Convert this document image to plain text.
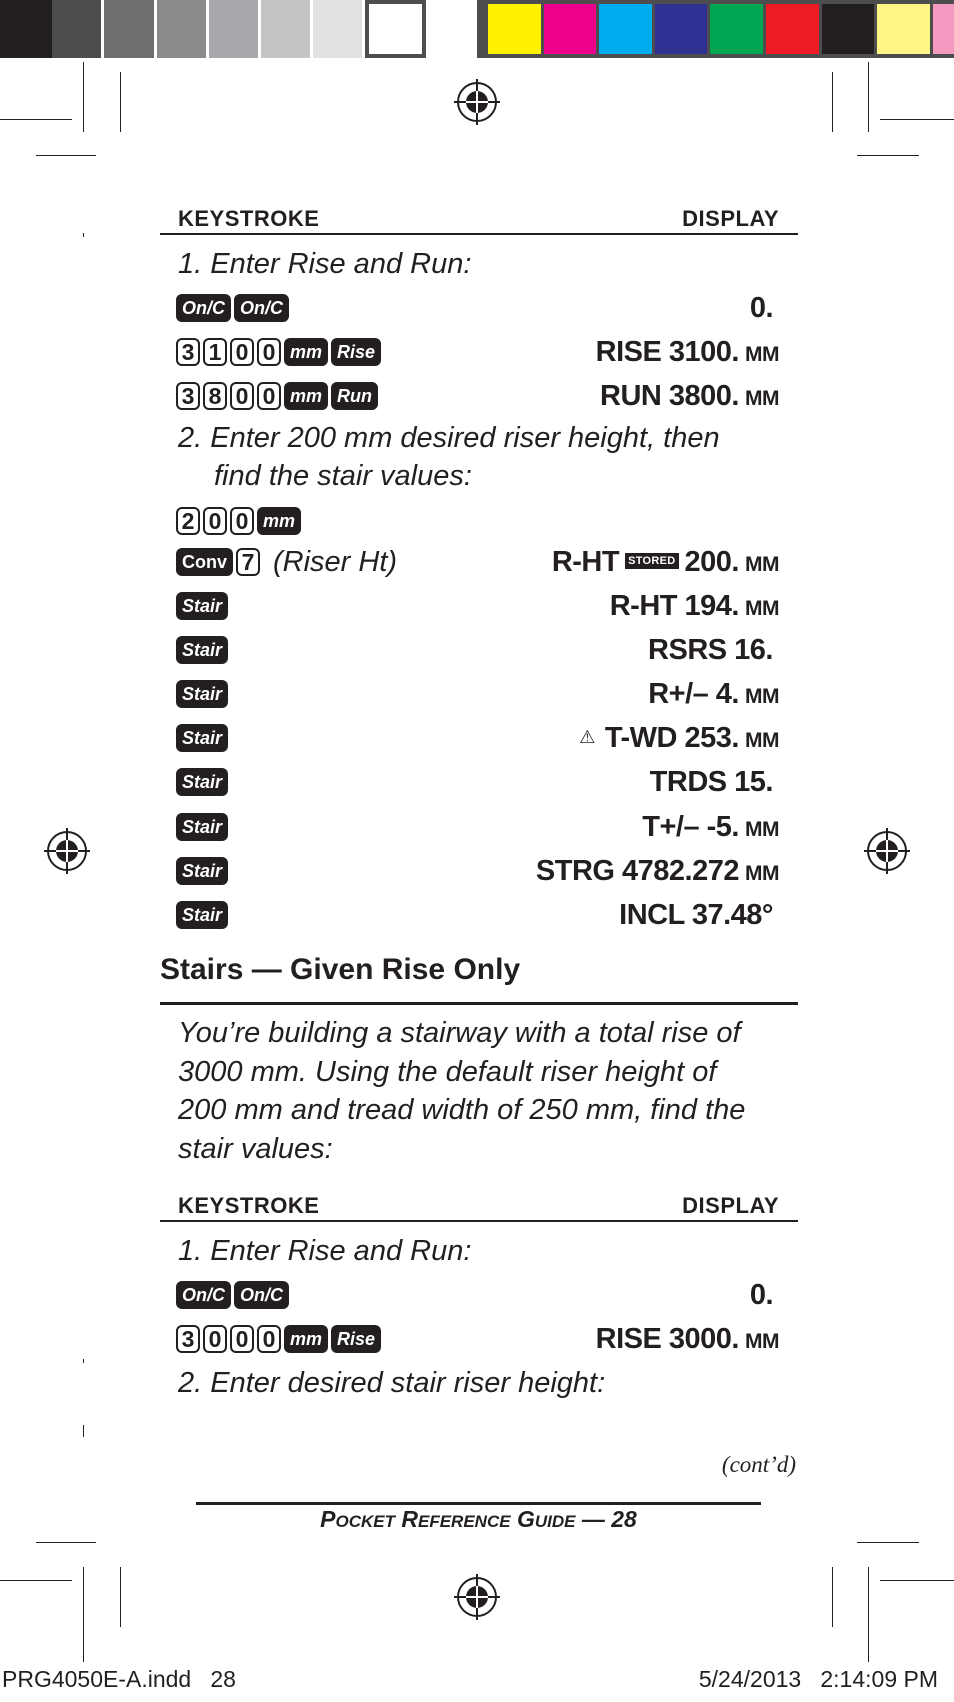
KEYSTROKE	DISPLAY
1. Enter Rise and Run:
On/C On/C	0.
3 1 0 0 mm Rise	RISE 3100. MM
3 8 0 0 mm Run	RUN 3800. MM
2. Enter 200 mm desired riser height, then
find the stair values:
2 0 0 mm
Conv 7 (Riser Ht)	R-HT STORED 200. MM
Stair	R-HT 194. MM
Stair	RSRS 16.
Stair	R+/– 4. MM
Stair	⚠ T-WD 253. MM
Stair	TRDS 15.
Stair	T+/– -5. MM
Stair	STRG 4782.272 MM
Stair	INCL 37.48°
Stairs — Given Rise Only
You’re building a stairway with a total rise of
3000 mm. Using the default riser height of
200 mm and tread width of 250 mm, find the
stair values:
KEYSTROKE	DISPLAY
1. Enter Rise and Run:
On/C On/C	0.
3 0 0 0 mm Rise	RISE 3000. MM
2. Enter desired stair riser height:
(cont’d)
POCKET REFERENCE GUIDE — 28
PRG4050E-A.indd   28	5/24/2013   2:14:09 PM
